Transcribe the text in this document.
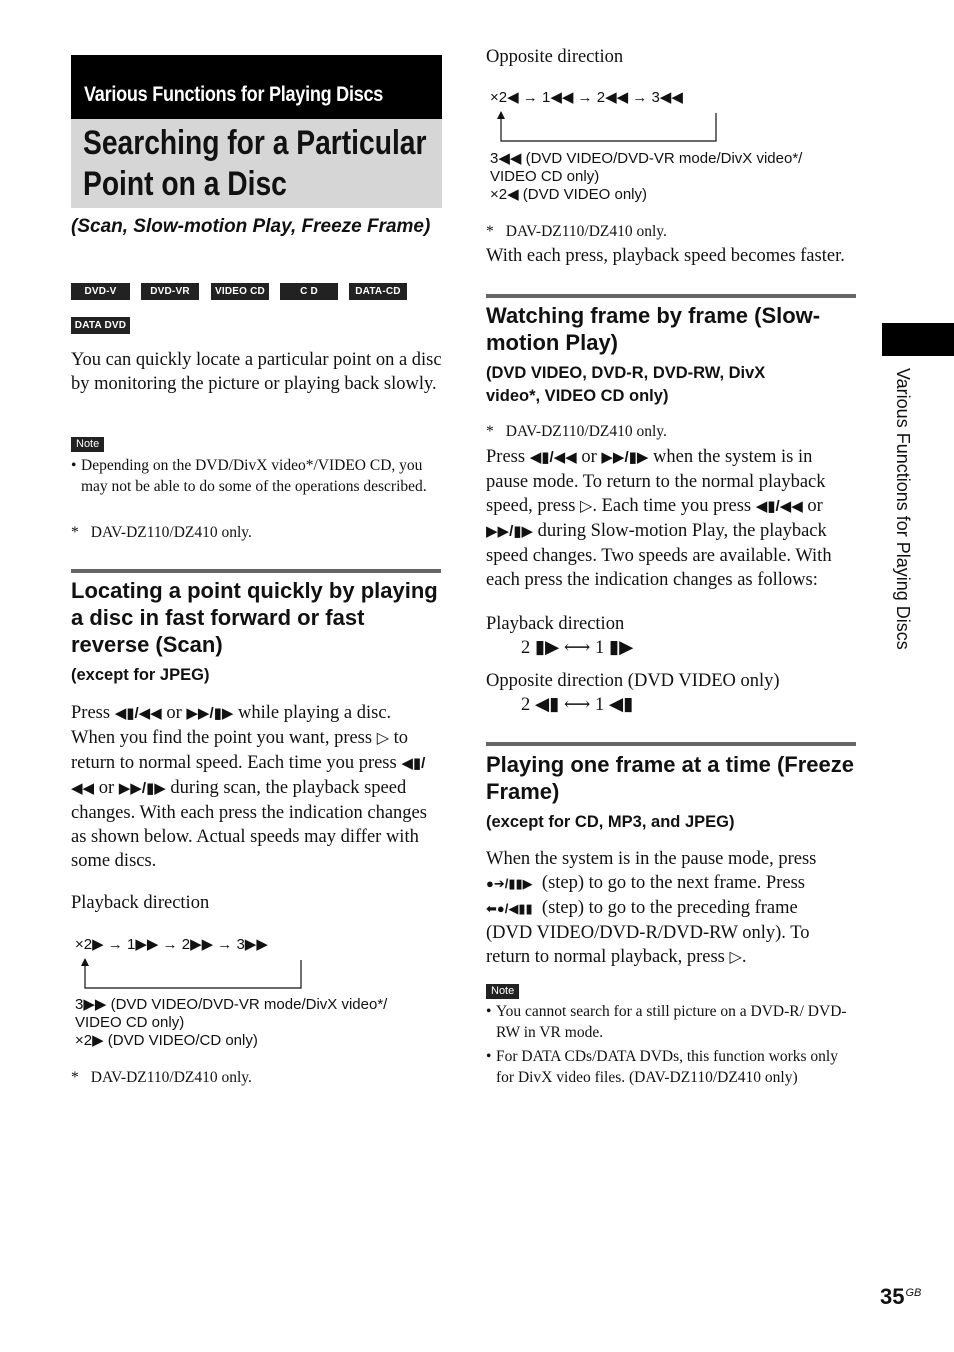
Various Functions for Playing Discs
Searching for a Particular Point on a Disc
(Scan, Slow-motion Play, Freeze Frame)
DVD-V	DVD-VR	VIDEO CD	C D	DATA-CD
DATA DVD
You can quickly locate a particular point on a disc by monitoring the picture or playing back slowly.
Note
• Depending on the DVD/DivX video*/VIDEO CD, you may not be able to do some of the operations described.
* DAV-DZ110/DZ410 only.
Locating a point quickly by playing a disc in fast forward or fast reverse (Scan)
(except for JPEG)
Press ◀▮/◀◀ or ▶▶/▮▶ while playing a disc.
When you find the point you want, press ▷ to
return to normal speed. Each time you press ◀▮/
◀◀ or ▶▶/▮▶ during scan, the playback speed
changes. With each press the indication changes
as shown below. Actual speeds may differ with
some discs.
Playback direction
×2▶ → 1▶▶ → 2▶▶ → 3▶▶
3▶▶ (DVD VIDEO/DVD-VR mode/DivX video*/
VIDEO CD only)
×2▶ (DVD VIDEO/CD only)
* DAV-DZ110/DZ410 only.
Opposite direction
×2◀ → 1◀◀ → 2◀◀ → 3◀◀
3◀◀ (DVD VIDEO/DVD-VR mode/DivX video*/
VIDEO CD only)
×2◀ (DVD VIDEO only)
* DAV-DZ110/DZ410 only.
With each press, playback speed becomes faster.
Watching frame by frame (Slow-motion Play)
(DVD VIDEO, DVD-R, DVD-RW, DivX
video*, VIDEO CD only)
* DAV-DZ110/DZ410 only.
Press ◀▮/◀◀ or ▶▶/▮▶ when the system is in
pause mode. To return to the normal playback
speed, press ▷. Each time you press ◀▮/◀◀ or
▶▶/▮▶ during Slow-motion Play, the playback
speed changes. Two speeds are available. With
each press the indication changes as follows:
Playback direction
2 ▮▶ ⟷ 1 ▮▶
Opposite direction (DVD VIDEO only)
2 ◀▮ ⟷ 1 ◀▮
Playing one frame at a time (Freeze Frame)
(except for CD, MP3, and JPEG)
When the system is in the pause mode, press
●➔/▮▮▶ (step) to go to the next frame. Press
⬅●/◀▮▮ (step) to go to the preceding frame
(DVD VIDEO/DVD-R/DVD-RW only). To
return to normal playback, press ▷.
Note
• You cannot search for a still picture on a DVD-R/ DVD-RW in VR mode.
• For DATA CDs/DATA DVDs, this function works only for DivX video files. (DAV-DZ110/DZ410 only)
Various Functions for Playing Discs
$35^{GB}$
